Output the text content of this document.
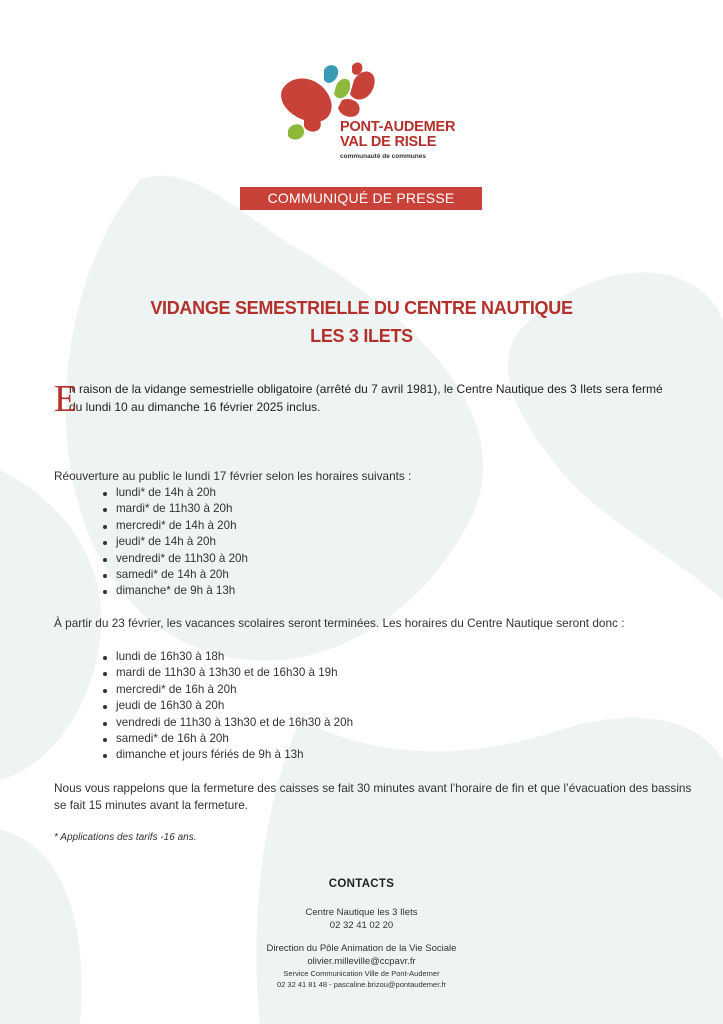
PONT-AUDEMER
VAL DE RISLE
communauté de communes
COMMUNIQUÉ DE PRESSE
VIDANGE SEMESTRIELLE DU CENTRE NAUTIQUE
LES 3 ILETS
E
n raison de la vidange semestrielle obligatoire (arrêté du 7 avril 1981), le Centre Nautique des 3 Ilets sera fermé du lundi 10 au dimanche 16 février 2025 inclus.

Réouverture au public le lundi 17 février selon les horaires suivants :

lundi* de 14h à 20h
mardi* de 11h30 à 20h
mercredi* de 14h à 20h
jeudi* de 14h à 20h
vendredi* de 11h30 à 20h
samedi* de 14h à 20h
dimanche* de 9h à 13h

À partir du 23 février, les vacances scolaires seront terminées. Les horaires du Centre Nautique seront donc :

lundi de 16h30 à 18h
mardi de 11h30 à 13h30 et de 16h30 à 19h
mercredi* de 16h à 20h
jeudi de 16h30 à 20h
vendredi de 11h30 à 13h30 et de 16h30 à 20h
samedi* de 16h à 20h
dimanche et jours fériés de 9h à 13h

Nous vous rappelons que la fermeture des caisses se fait 30 minutes avant l’horaire de fin et que l’évacuation des bassins se fait 15 minutes avant la fermeture.

* Applications des tarifs -16 ans.
CONTACTS
Centre Nautique les 3 Ilets
02 32 41 02 20
Direction du Pôle Animation de la Vie Sociale
olivier.milleville@ccpavr.fr
Service Communication Ville de Pont-Audemer
02 32 41 81 48 - pascaline.brizou@pontaudemer.fr
